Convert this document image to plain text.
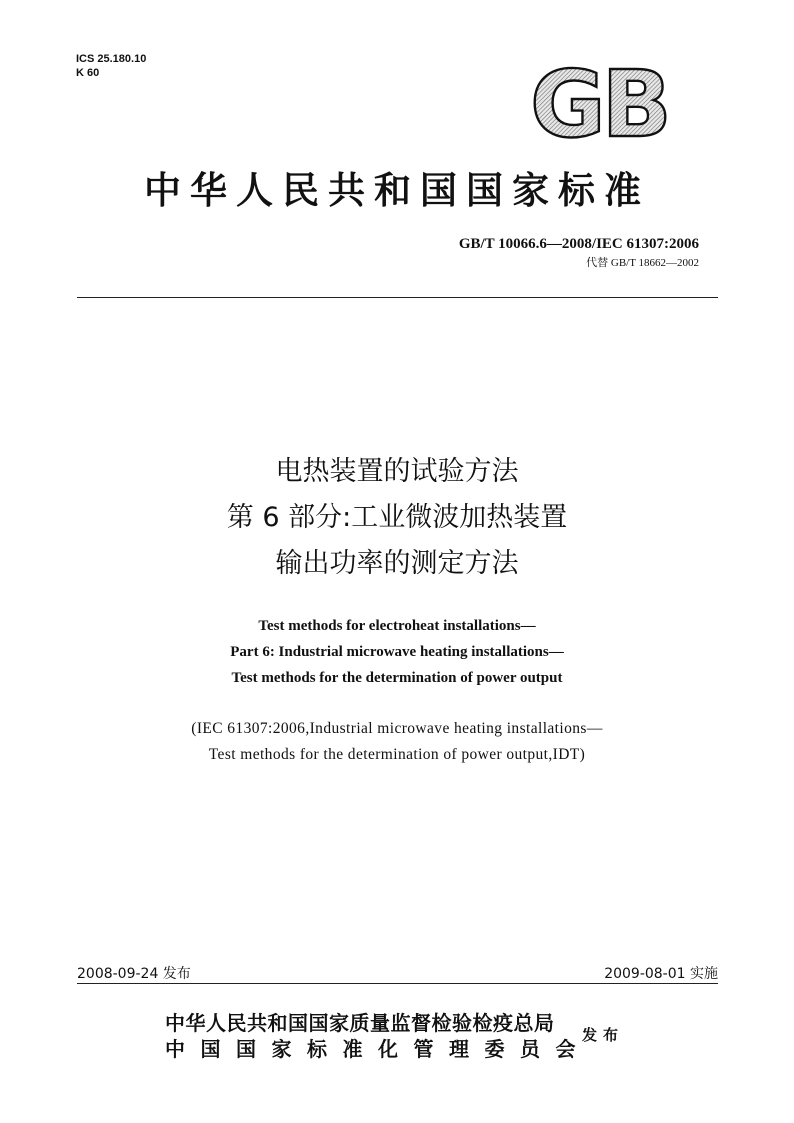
ICS 25.180.10
K 60	GB
中华人民共和国国家标准
GB/T 10066.6—2008/IEC 61307:2006
代替 GB/T 18662—2002
电热装置的试验方法
第 6 部分:工业微波加热装置
输出功率的测定方法
Test methods for electroheat installations—
Part 6: Industrial microwave heating installations—
Test methods for the determination of power output
(IEC 61307:2006,Industrial microwave heating installations—
Test methods for the determination of power output,IDT)
2008-09-24 发布	2009-08-01 实施
中华人民共和国国家质量监督检验检疫总局
中国国家标准化管理委员会
发布
